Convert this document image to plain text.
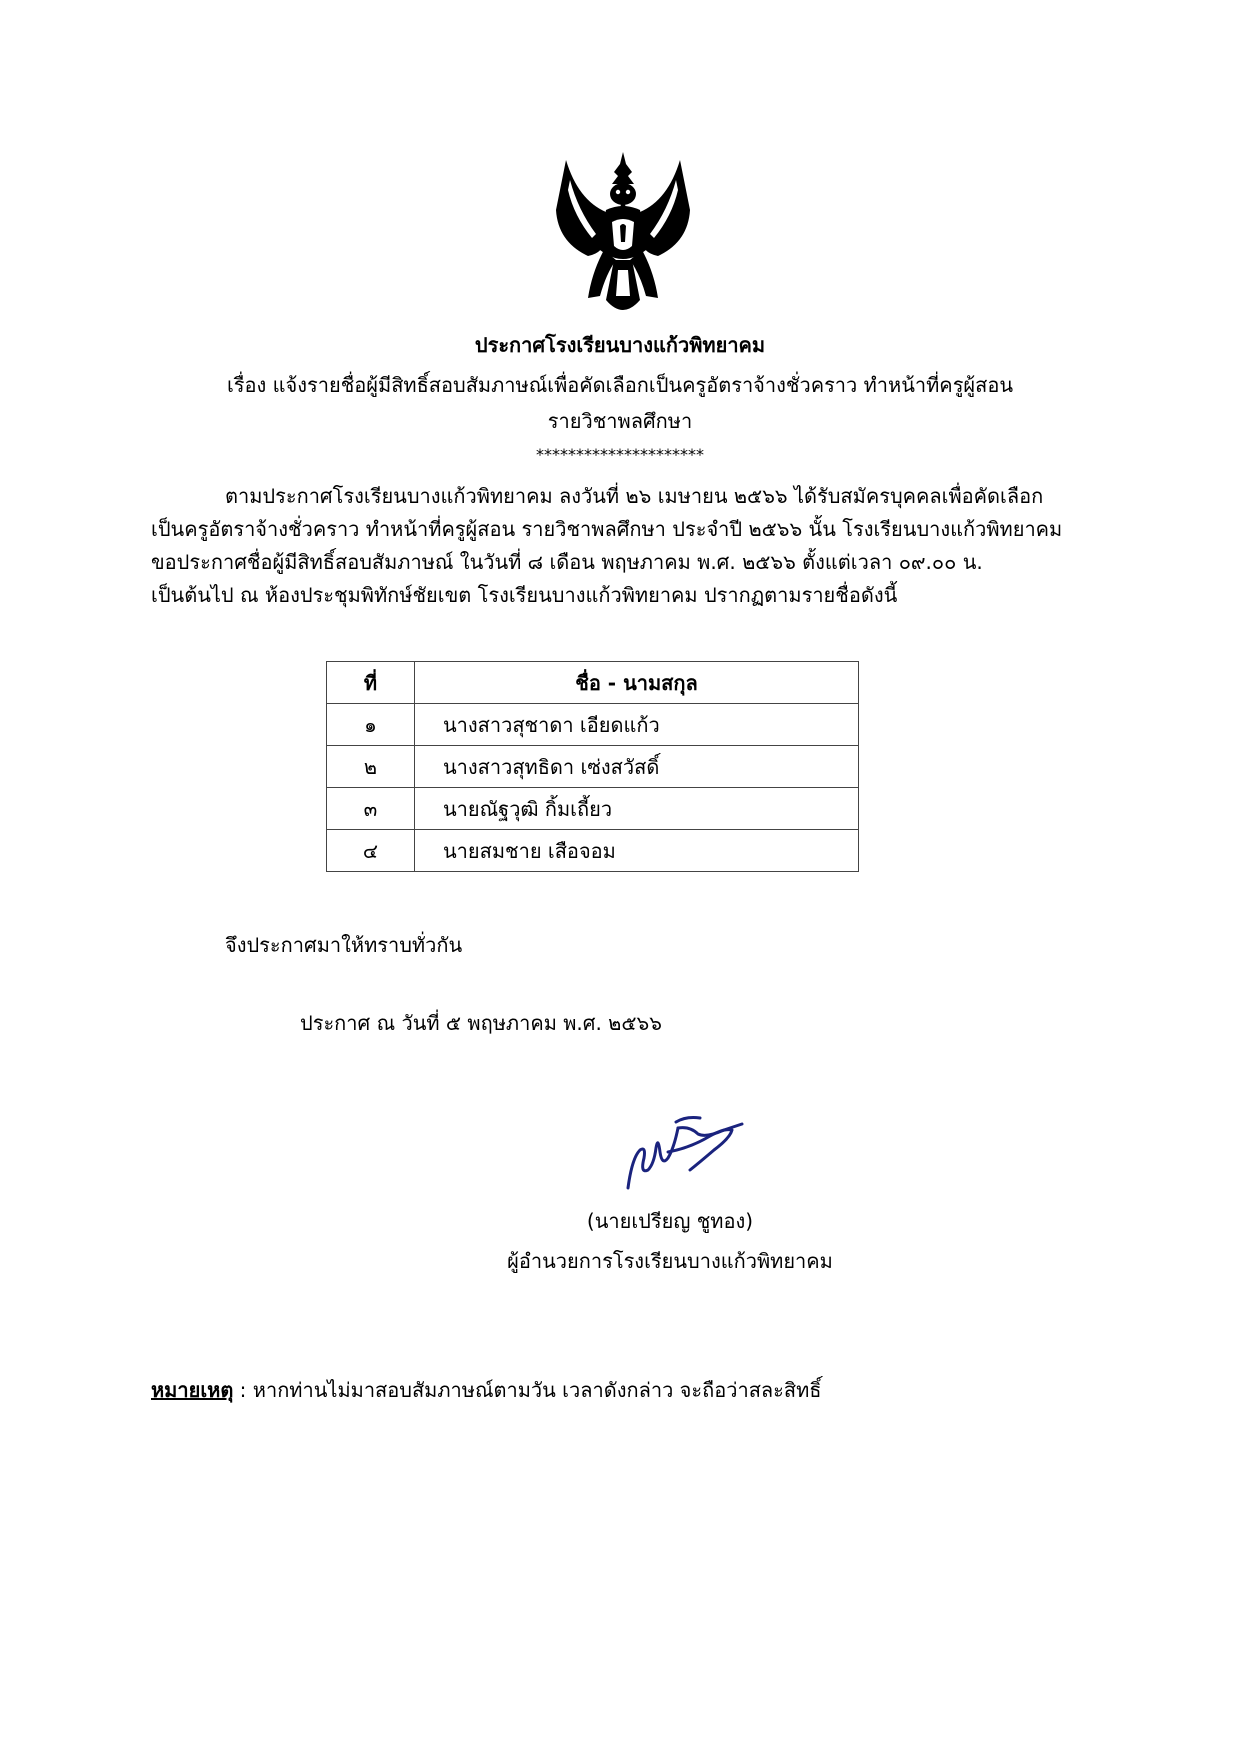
ประกาศโรงเรียนบางแก้วพิทยาคม
เรื่อง แจ้งรายชื่อผู้มีสิทธิ์สอบสัมภาษณ์เพื่อคัดเลือกเป็นครูอัตราจ้างชั่วคราว ทำหน้าที่ครูผู้สอน
รายวิชาพลศึกษา
*********************
ตามประกาศโรงเรียนบางแก้วพิทยาคม ลงวันที่ ๒๖ เมษายน ๒๕๖๖ ได้รับสมัครบุคคลเพื่อคัดเลือก
เป็นครูอัตราจ้างชั่วคราว ทำหน้าที่ครูผู้สอน รายวิชาพลศึกษา ประจำปี ๒๕๖๖ นั้น โรงเรียนบางแก้วพิทยาคม
ขอประกาศชื่อผู้มีสิทธิ์สอบสัมภาษณ์ ในวันที่ ๘ เดือน พฤษภาคม พ.ศ. ๒๕๖๖ ตั้งแต่เวลา ๐๙.๐๐ น.
เป็นต้นไป ณ ห้องประชุมพิทักษ์ชัยเขต โรงเรียนบางแก้วพิทยาคม ปรากฏตามรายชื่อดังนี้
ที่	ชื่อ - นามสกุล
๑	นางสาวสุชาดา เอียดแก้ว
๒	นางสาวสุทธิดา เซ่งสวัสดิ์
๓	นายณัฐวุฒิ กิ้มเถี้ยว
๔	นายสมชาย เสือจอม
จึงประกาศมาให้ทราบทั่วกัน
ประกาศ ณ วันที่ ๕ พฤษภาคม พ.ศ. ๒๕๖๖
(นายเปรียญ ชูทอง)
ผู้อำนวยการโรงเรียนบางแก้วพิทยาคม
หมายเหตุ : หากท่านไม่มาสอบสัมภาษณ์ตามวัน เวลาดังกล่าว จะถือว่าสละสิทธิ์
